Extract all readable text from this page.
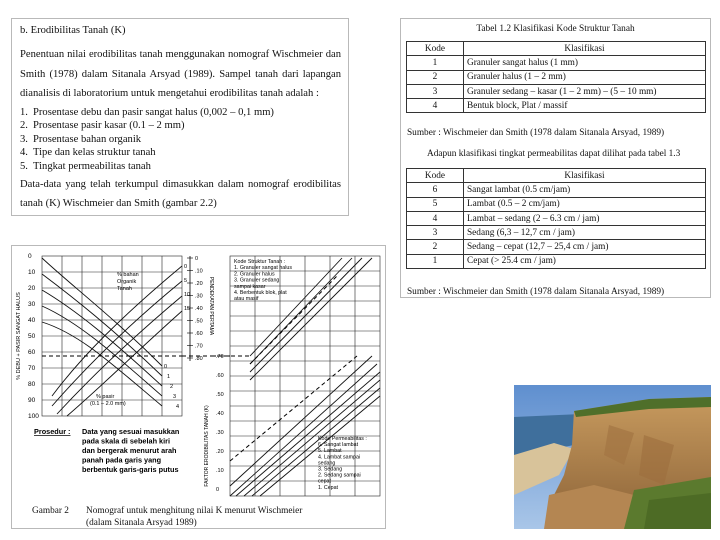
b. Erodibilitas Tanah (K)

Penentuan nilai erodibilitas tanah menggunakan nomograf Wischmeier dan Smith (1978) dalam Sitanala Arsyad (1989). Sampel tanah dari lapangan dianalisis di laboratorium untuk mengetahui erodibilitas tanah adalah :

1. Prosentase debu dan pasir sangat halus (0,002 – 0,1 mm)
2. Prosentase pasir kasar (0.1 – 2 mm)
3. Prosentase bahan organik
4. Tipe dan kelas struktur tanah
5. Tingkat permeabilitas tanah

Data-data yang telah terkumpul dimasukkan dalam nomograf erodibilitas tanah (K) Wischmeier dan Smith (gambar 2.2)

Tabel 1.2 Klasifikasi Kode Struktur Tanah
Kode	Klasifikasi
1	Granuler sangat halus (1 mm)
2	Granuler halus (1 – 2 mm)
3	Granuler sedang – kasar (1 – 2 mm) – (5 – 10 mm)
4	Bentuk block, Plat / massif
Sumber : Wischmeier dan Smith (1978 dalam Sitanala Arsyad, 1989)
Adapun klasifikasi tingkat permeabilitas dapat dilihat pada tabel 1.3
Kode	Klasifikasi
6	Sangat lambat (0.5 cm/jam)
5	Lambat (0.5 – 2 cm/jam)
4	Lambat – sedang (2 – 6.3 cm / jam)
3	Sedang (6,3 – 12,7 cm / jam)
2	Sedang – cepat (12,7 – 25,4 cm / jam)
1	Cepat (> 25.4 cm / jam)
Sumber : Wischmeier dan Smith (1978 dalam Sitanala Arsyad, 1989)
0
10
20
30
40
50
60
70
80
90
100
% DEBU + PASIR SANGAT HALUS
% bahan
Organik
Tanah
0
1
2
3
4
% pasir
(0.1 – 2.0 mm)
0
5
10
15
0
.10
.20
.30
.40
.50
.60
.70
.80
PENDEKATAN PERTAMA
.70
.60
.50
.40
.30
.20
.10
0
FAKTOR ERODIBILITAS TANAH (K)
Kode Struktur Tanah :
1. Granuler sangat halus
2. Granuler halus
3. Granuler sedang
sampai kasar
4. Berbentuk blok, plat
atau masif
Kode Permeabilitas :
6. Sangat lambat
5. Lambat
4. Lambat sampai
sedang
3. Sedang
2. Sedang sampai
cepat
1. Cepat
Prosedur : Data yang sesuai masukkan
pada skala di sebelah kiri
dan bergerak menurut arah
panah pada garis yang
berbentuk garis-garis putus
Gambar 2 Nomograf untuk menghitung nilai K menurut Wischmeier
(dalam Sitanala Arsyad 1989)
